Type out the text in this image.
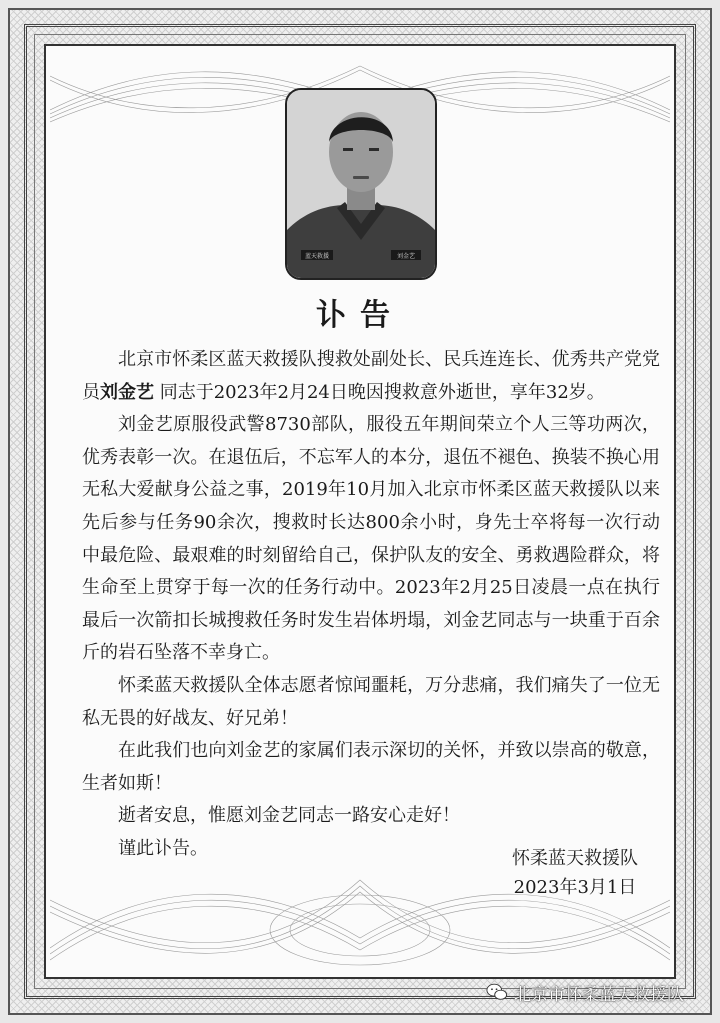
蓝天救援	刘金艺
讣告

北京市怀柔区蓝天救援队搜救处副处长、民兵连连长、优秀共产党党员刘金艺 同志于2023年2月24日晚因搜救意外逝世，享年32岁。

刘金艺原服役武警8730部队，服役五年期间荣立个人三等功两次，优秀表彰一次。在退伍后，不忘军人的本分，退伍不褪色、换装不换心用无私大爱献身公益之事，2019年10月加入北京市怀柔区蓝天救援队以来先后参与任务90余次，搜救时长达800余小时，身先士卒将每一次行动中最危险、最艰难的时刻留给自己，保护队友的安全、勇救遇险群众，将生命至上贯穿于每一次的任务行动中。2023年2月25日凌晨一点在执行最后一次箭扣长城搜救任务时发生岩体坍塌，刘金艺同志与一块重于百余斤的岩石坠落不幸身亡。

怀柔蓝天救援队全体志愿者惊闻噩耗，万分悲痛，我们痛失了一位无私无畏的好战友、好兄弟！

在此我们也向刘金艺的家属们表示深切的关怀，并致以崇高的敬意，生者如斯！

逝者安息，惟愿刘金艺同志一路安心走好！

谨此讣告。	怀柔蓝天救援队
2023年3月1日
北京市怀柔蓝天救援队
